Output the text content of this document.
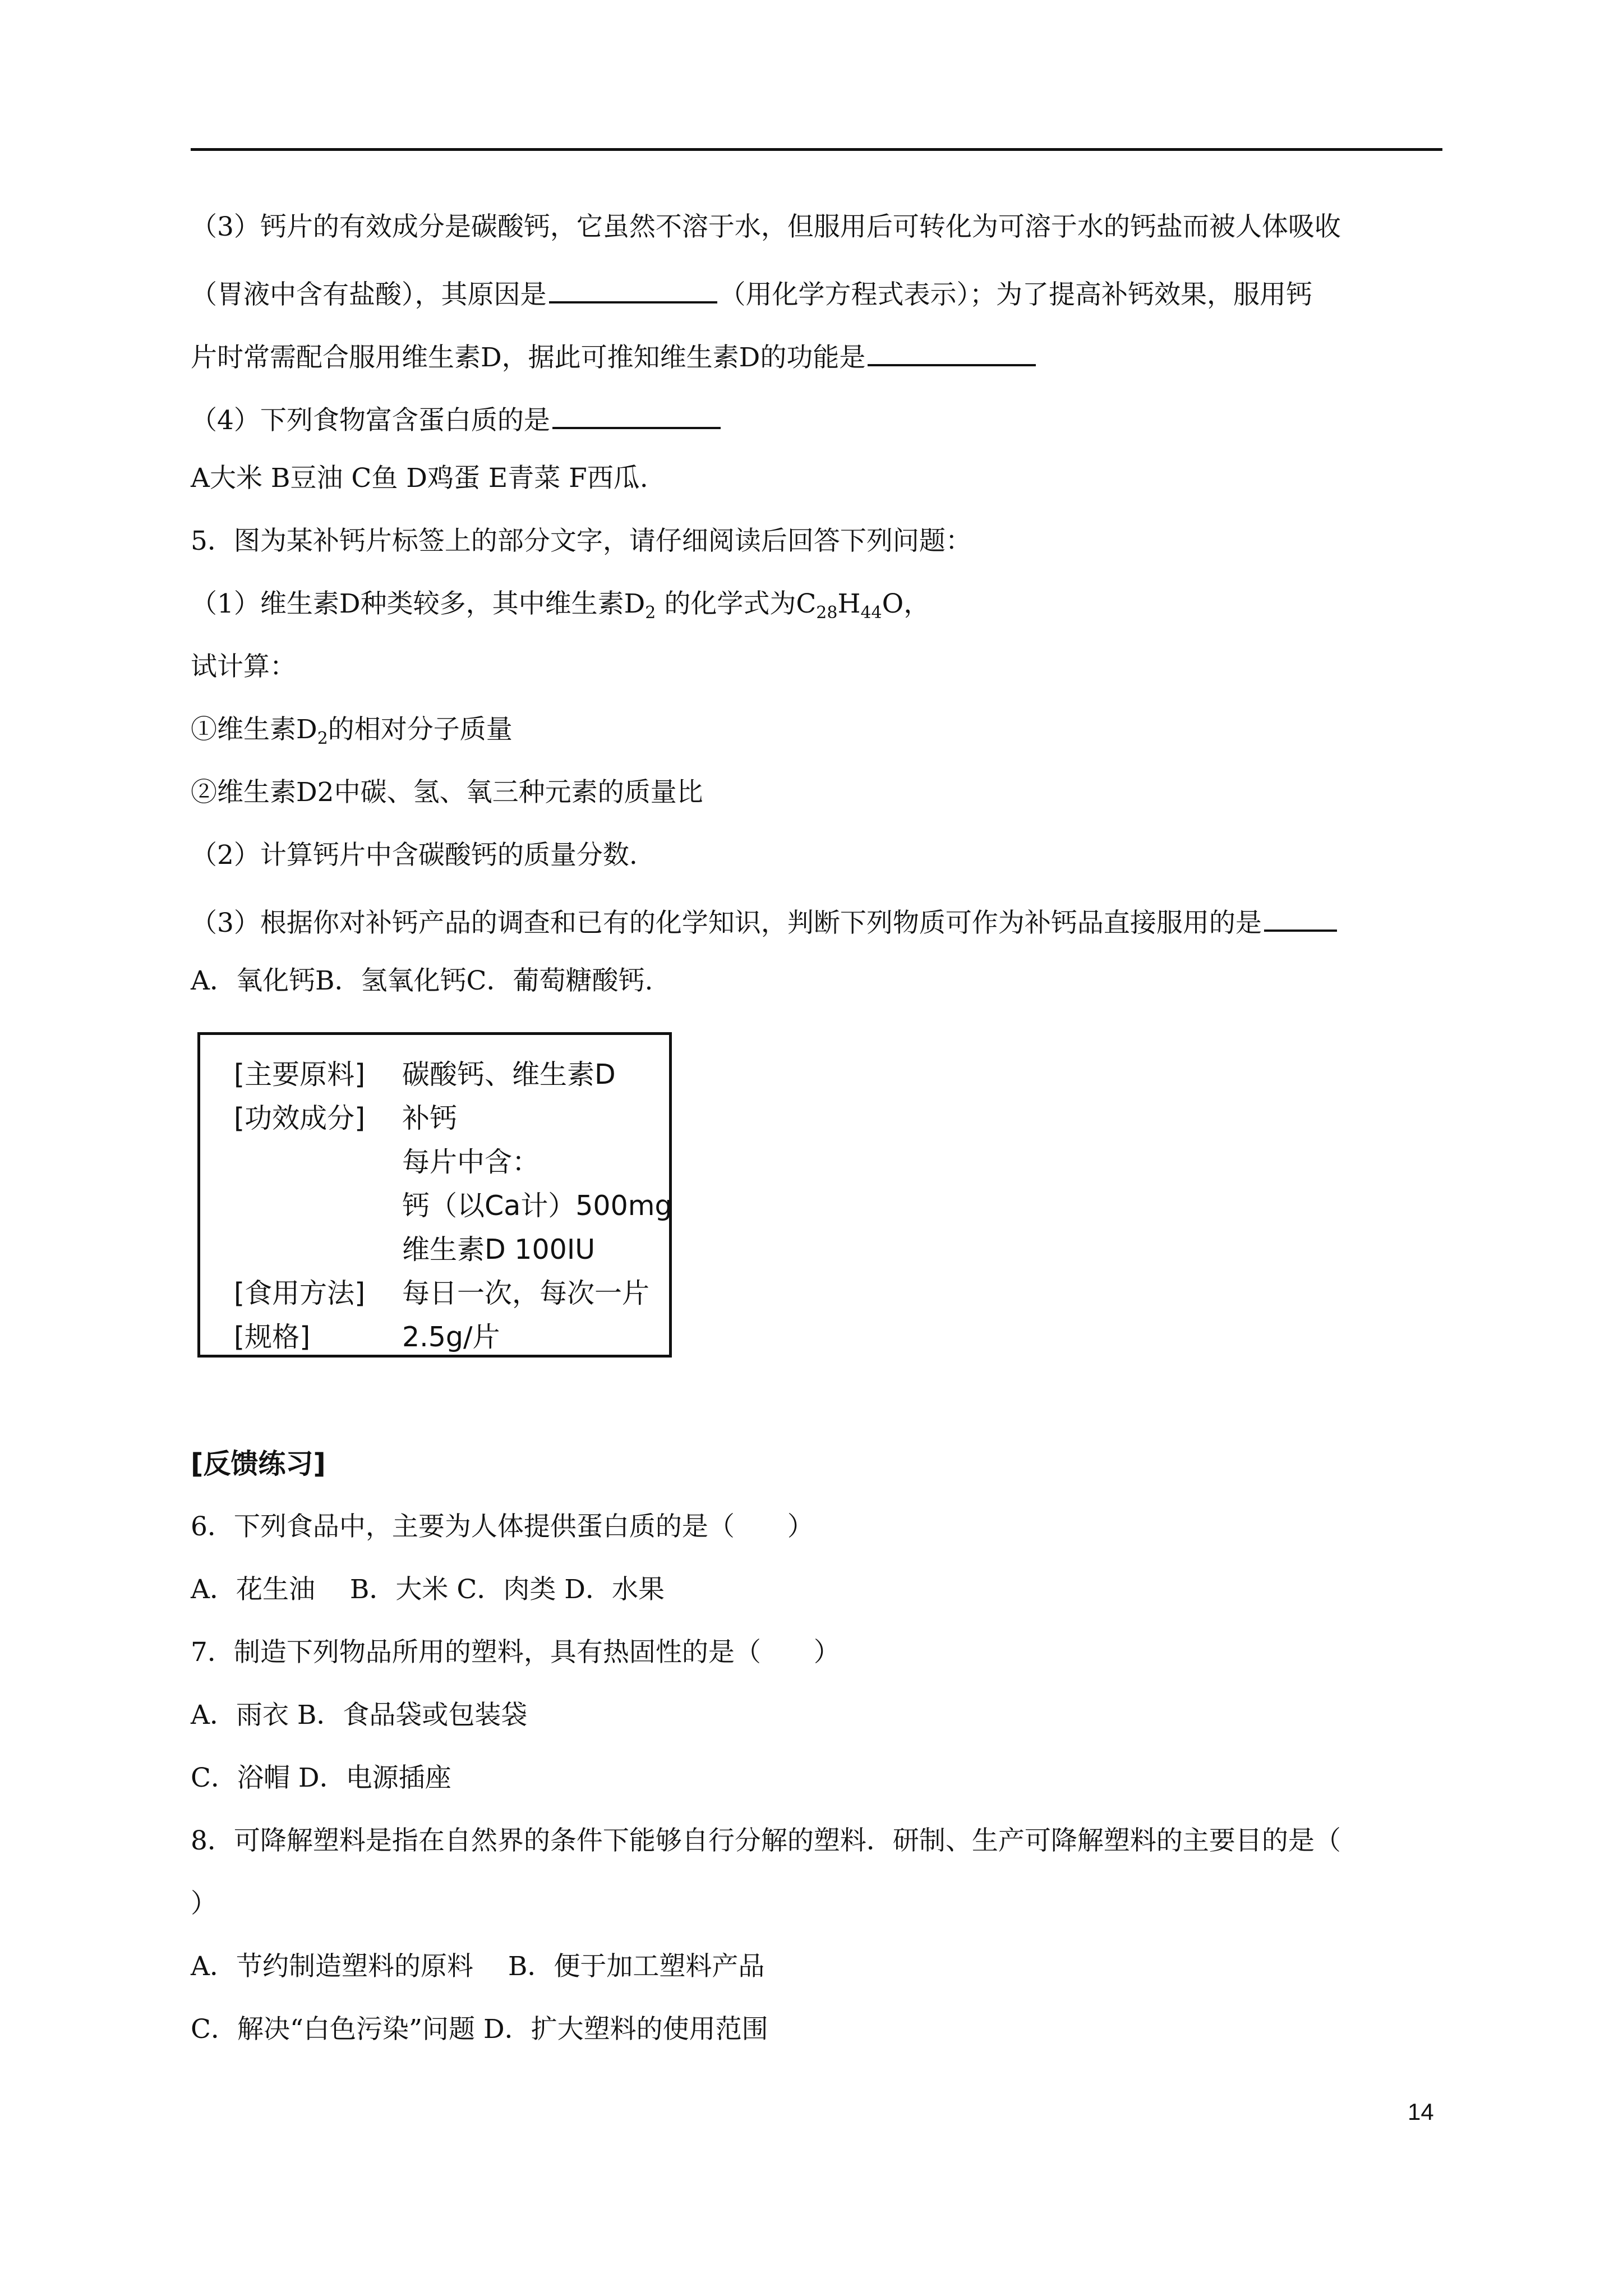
（3）钙片的有效成分是碳酸钙，它虽然不溶于水，但服用后可转化为可溶于水的钙盐而被人体吸收
（胃液中含有盐酸），其原因是	（用化学方程式表示）；为了提高补钙效果，服用钙
片时常需配合服用维生素D，据此可推知维生素D的功能是
（4）下列食物富含蛋白质的是
A大米 B豆油 C鱼 D鸡蛋 E青菜 F西瓜.
5．图为某补钙片标签上的部分文字，请仔细阅读后回答下列问题：
（1）维生素D种类较多，其中维生素$D_2$ 的化学式为$C_{28}H_{44}O$，
试计算：
①维生素$D_2$的相对分子质量
②维生素D2中碳、氢、氧三种元素的质量比
（2）计算钙片中含碳酸钙的质量分数.
（3）根据你对补钙产品的调查和已有的化学知识，判断下列物质可作为补钙品直接服用的是
A．氧化钙B．氢氧化钙C．葡萄糖酸钙.
[主要原料] 碳酸钙、维生素D
[功效成分] 补钙
每片中含：
钙（以Ca计）500mg
维生素D 100IU
[食用方法] 每日一次，每次一片
[规格]	2.5g/片
[反馈练习]
6．下列食品中，主要为人体提供蛋白质的是（　　）
A．花生油　 B．大米 C．肉类 D．水果
7．制造下列物品所用的塑料，具有热固性的是（　　）
A．雨衣 B．食品袋或包装袋
C．浴帽 D．电源插座
8．可降解塑料是指在自然界的条件下能够自行分解的塑料．研制、生产可降解塑料的主要目的是（
）
A．节约制造塑料的原料　 B．便于加工塑料产品
C．解决“白色污染”问题 D．扩大塑料的使用范围
14
